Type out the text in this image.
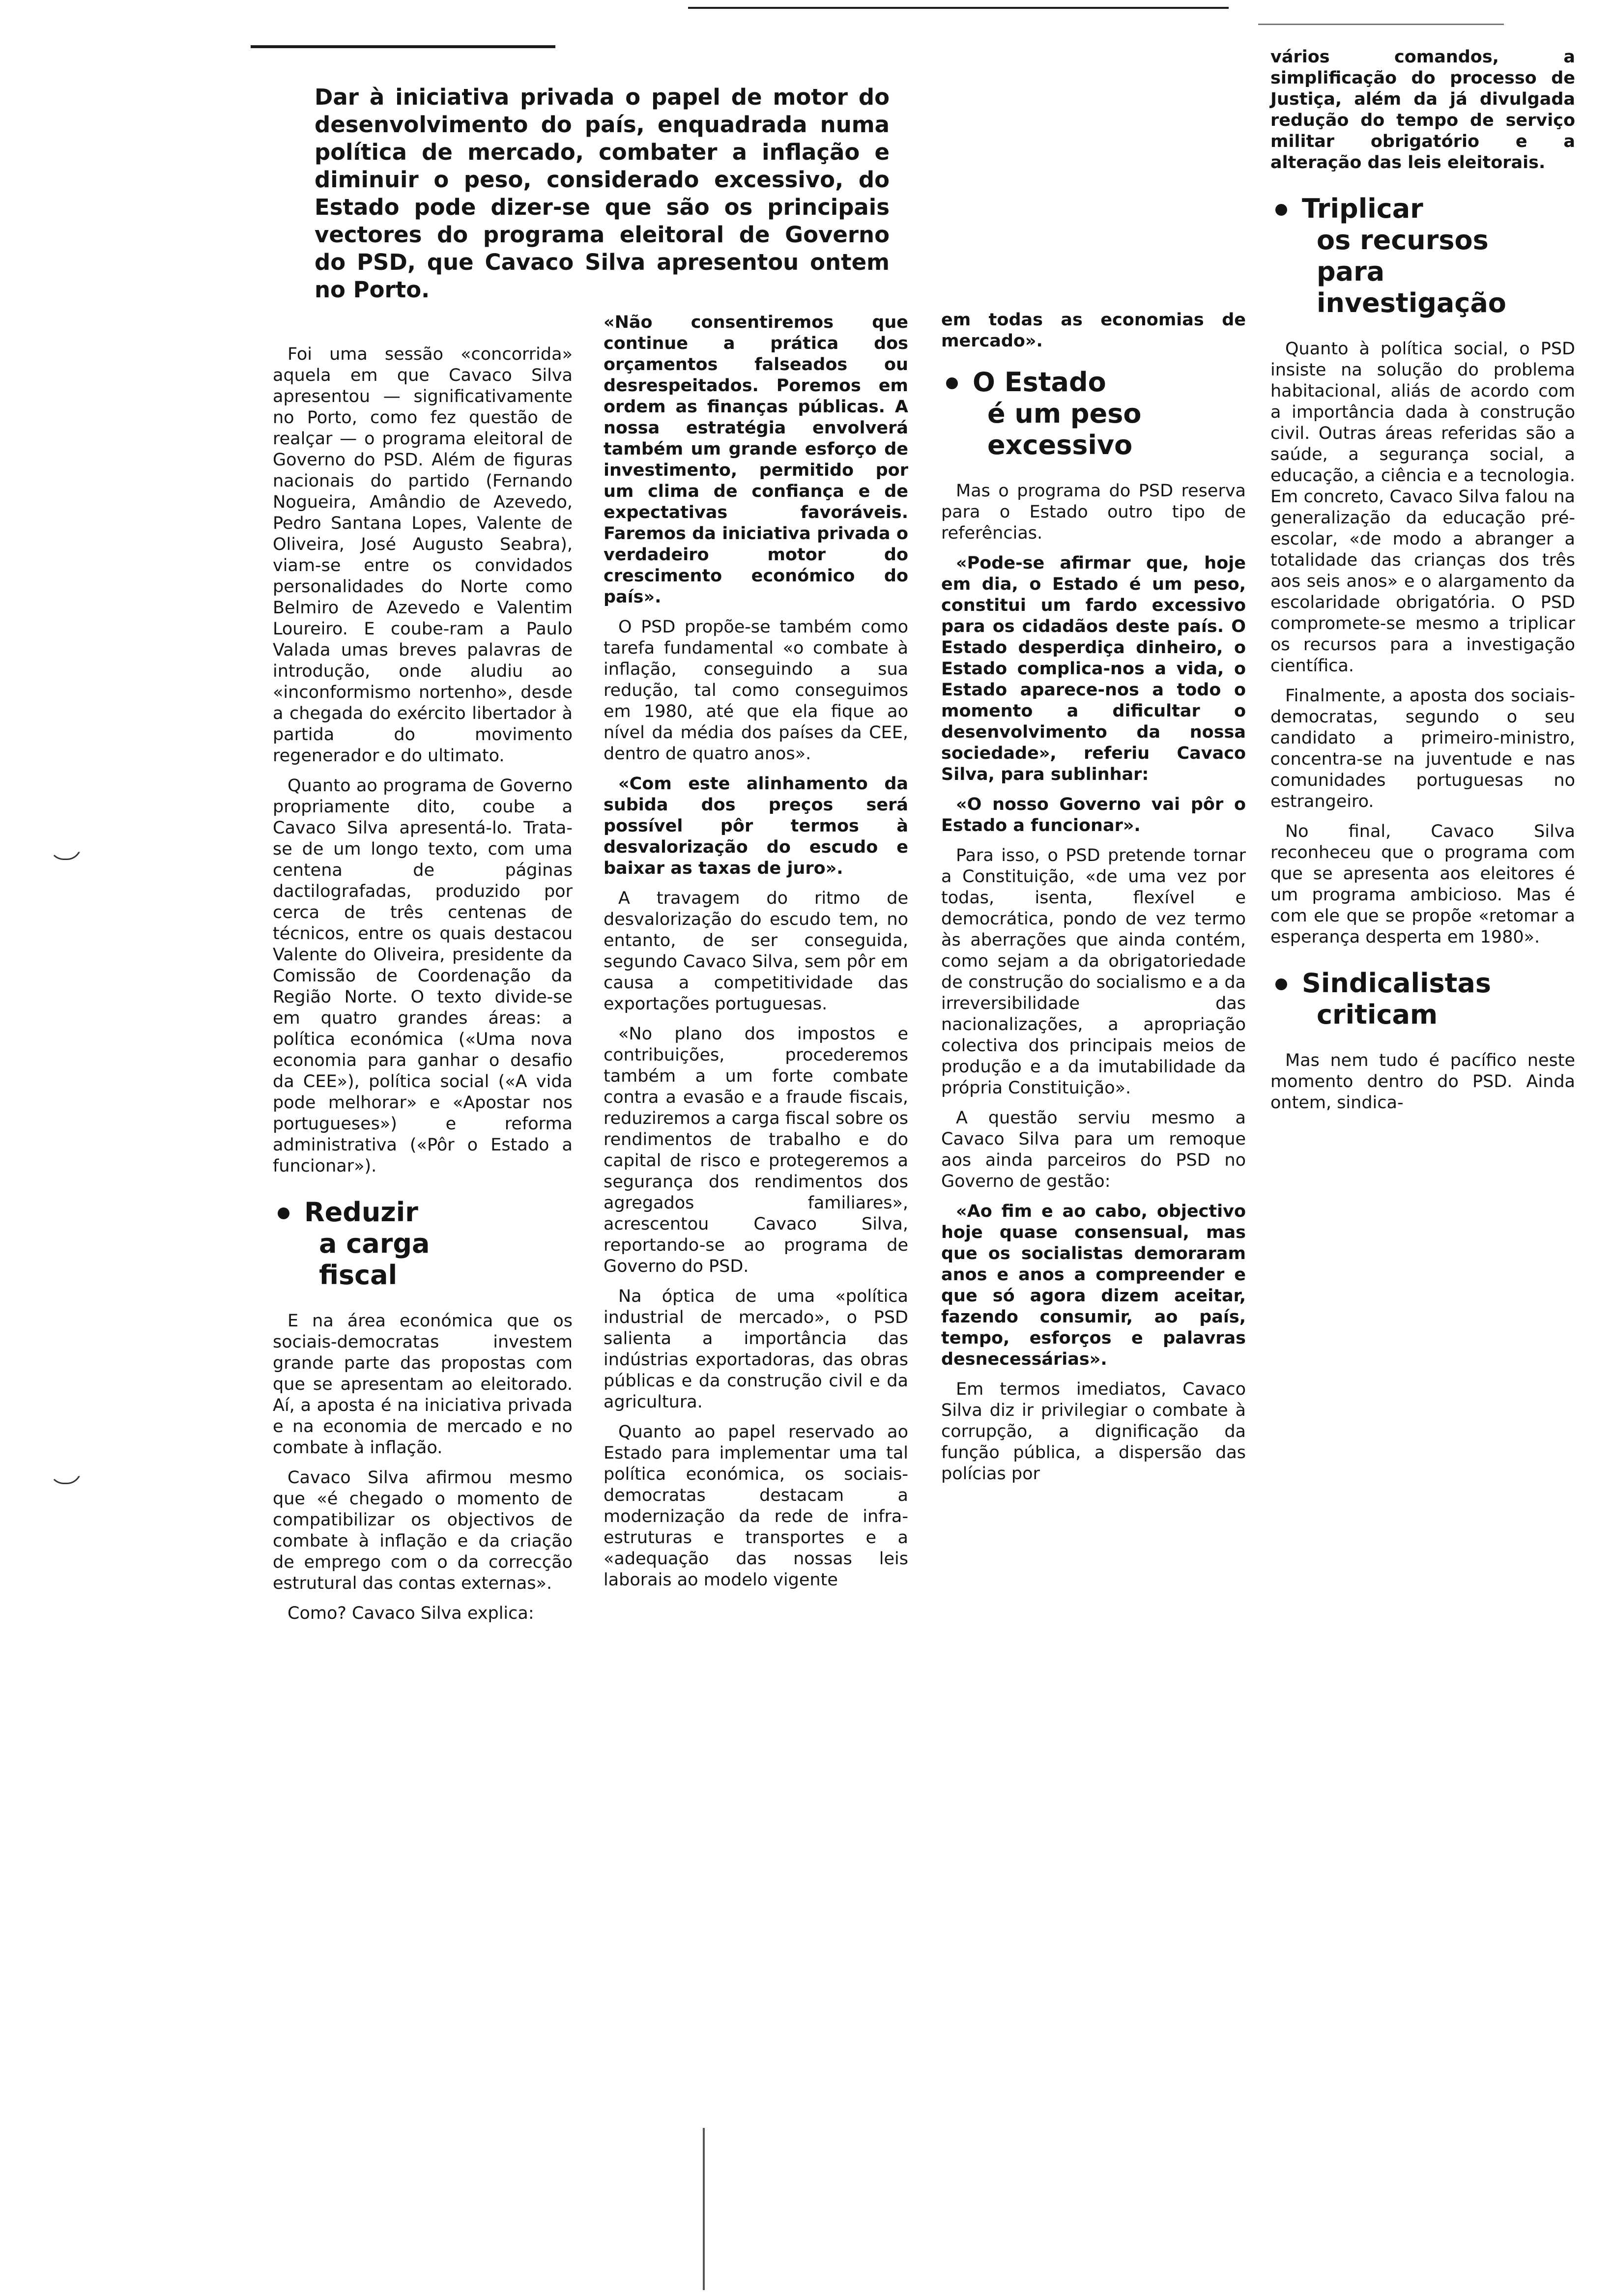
Dar à iniciativa privada o papel de motor do desenvolvimento do país, enquadrada numa política de mercado, combater a inflação e diminuir o peso, considerado excessivo, do Estado pode dizer-se que são os principais vectores do programa eleitoral de Governo do PSD, que Cavaco Silva apresentou ontem no Porto.

Foi uma sessão «concorrida» aquela em que Cavaco Silva apresentou — significativamente no Porto, como fez questão de realçar — o programa eleitoral de Governo do PSD. Além de figuras nacionais do partido (Fernando Nogueira, Amândio de Azevedo, Pedro Santana Lopes, Valente de Oliveira, José Augusto Seabra), viam-se entre os convidados personalidades do Norte como Belmiro de Azevedo e Valentim Loureiro. E coube-ram a Paulo Valada umas breves palavras de introdução, onde aludiu ao «inconformismo nortenho», desde a chegada do exército libertador à partida do movimento regenerador e do ultimato.

Quanto ao programa de Governo propriamente dito, coube a Cavaco Silva apresentá-lo. Trata-se de um longo texto, com uma centena de páginas dactilografadas, produzido por cerca de três centenas de técnicos, entre os quais destacou Valente do Oliveira, presidente da Comissão de Coordenação da Região Norte. O texto divide-se em quatro grandes áreas: a política económica («Uma nova economia para ganhar o desafio da CEE»), política social («A vida pode melhorar» e «Apostar nos portugueses») e reforma administrativa («Pôr o Estado a funcionar»).

Reduzir
a carga
fiscal

E na área económica que os sociais-democratas investem grande parte das propostas com que se apresentam ao eleitorado. Aí, a aposta é na iniciativa privada e na economia de mercado e no combate à inflação.

Cavaco Silva afirmou mesmo que «é chegado o momento de compatibilizar os objectivos de combate à inflação e da criação de emprego com o da correcção estrutural das contas externas».

Como? Cavaco Silva explica:

«Não consentiremos que continue a prática dos orçamentos falseados ou desrespeitados. Poremos em ordem as finanças públicas. A nossa estratégia envolverá também um grande esforço de investimento, permitido por um clima de confiança e de expectativas favoráveis. Faremos da iniciativa privada o verdadeiro motor do crescimento económico do país».

O PSD propõe-se também como tarefa fundamental «o combate à inflação, conseguindo a sua redução, tal como conseguimos em 1980, até que ela fique ao nível da média dos países da CEE, dentro de quatro anos».

«Com este alinhamento da subida dos preços será possível pôr termos à desvalorização do escudo e baixar as taxas de juro».

A travagem do ritmo de desvalorização do escudo tem, no entanto, de ser conseguida, segundo Cavaco Silva, sem pôr em causa a competitividade das exportações portuguesas.

«No plano dos impostos e contribuições, procederemos também a um forte combate contra a evasão e a fraude fiscais, reduziremos a carga fiscal sobre os rendimentos de trabalho e do capital de risco e protegeremos a segurança dos rendimentos dos agregados familiares», acrescentou Cavaco Silva, reportando-se ao programa de Governo do PSD.

Na óptica de uma «política industrial de mercado», o PSD salienta a importância das indústrias exportadoras, das obras públicas e da construção civil e da agricultura.

Quanto ao papel reservado ao Estado para implementar uma tal política económica, os sociais-democratas destacam a modernização da rede de infra-estruturas e transportes e a «adequação das nossas leis laborais ao modelo vigente

em todas as economias de mercado».

O Estado
é um peso
excessivo

Mas o programa do PSD reserva para o Estado outro tipo de referências.

«Pode-se afirmar que, hoje em dia, o Estado é um peso, constitui um fardo excessivo para os cidadãos deste país. O Estado desperdiça dinheiro, o Estado complica-nos a vida, o Estado aparece-nos a todo o momento a dificultar o desenvolvimento da nossa sociedade», referiu Cavaco Silva, para sublinhar:

«O nosso Governo vai pôr o Estado a funcionar».

Para isso, o PSD pretende tornar a Constituição, «de uma vez por todas, isenta, flexível e democrática, pondo de vez termo às aberrações que ainda contém, como sejam a da obrigatoriedade de construção do socialismo e a da irreversibilidade das nacionalizações, a apropriação colectiva dos principais meios de produção e a da imutabilidade da própria Constituição».

A questão serviu mesmo a Cavaco Silva para um remoque aos ainda parceiros do PSD no Governo de gestão:

«Ao fim e ao cabo, objectivo hoje quase consensual, mas que os socialistas demoraram anos e anos a compreender e que só agora dizem aceitar, fazendo consumir, ao país, tempo, esforços e palavras desnecessárias».

Em termos imediatos, Cavaco Silva diz ir privilegiar o combate à corrupção, a dignificação da função pública, a dispersão das polícias por

vários comandos, a simplificação do processo de Justiça, além da já divulgada redução do tempo de serviço militar obrigatório e a alteração das leis eleitorais.

Triplicar
os recursos
para
investigação

Quanto à política social, o PSD insiste na solução do problema habitacional, aliás de acordo com a importância dada à construção civil. Outras áreas referidas são a saúde, a segurança social, a educação, a ciência e a tecnologia. Em concreto, Cavaco Silva falou na generalização da educação pré-escolar, «de modo a abranger a totalidade das crianças dos três aos seis anos» e o alargamento da escolaridade obrigatória. O PSD compromete-se mesmo a triplicar os recursos para a investigação científica.

Finalmente, a aposta dos sociais-democratas, segundo o seu candidato a primeiro-ministro, concentra-se na juventude e nas comunidades portuguesas no estrangeiro.

No final, Cavaco Silva reconheceu que o programa com que se apresenta aos eleitores é um programa ambicioso. Mas é com ele que se propõe «retomar a esperança desperta em 1980».

Sindicalistas
criticam

Mas nem tudo é pacífico neste momento dentro do PSD. Ainda ontem, sindica-
